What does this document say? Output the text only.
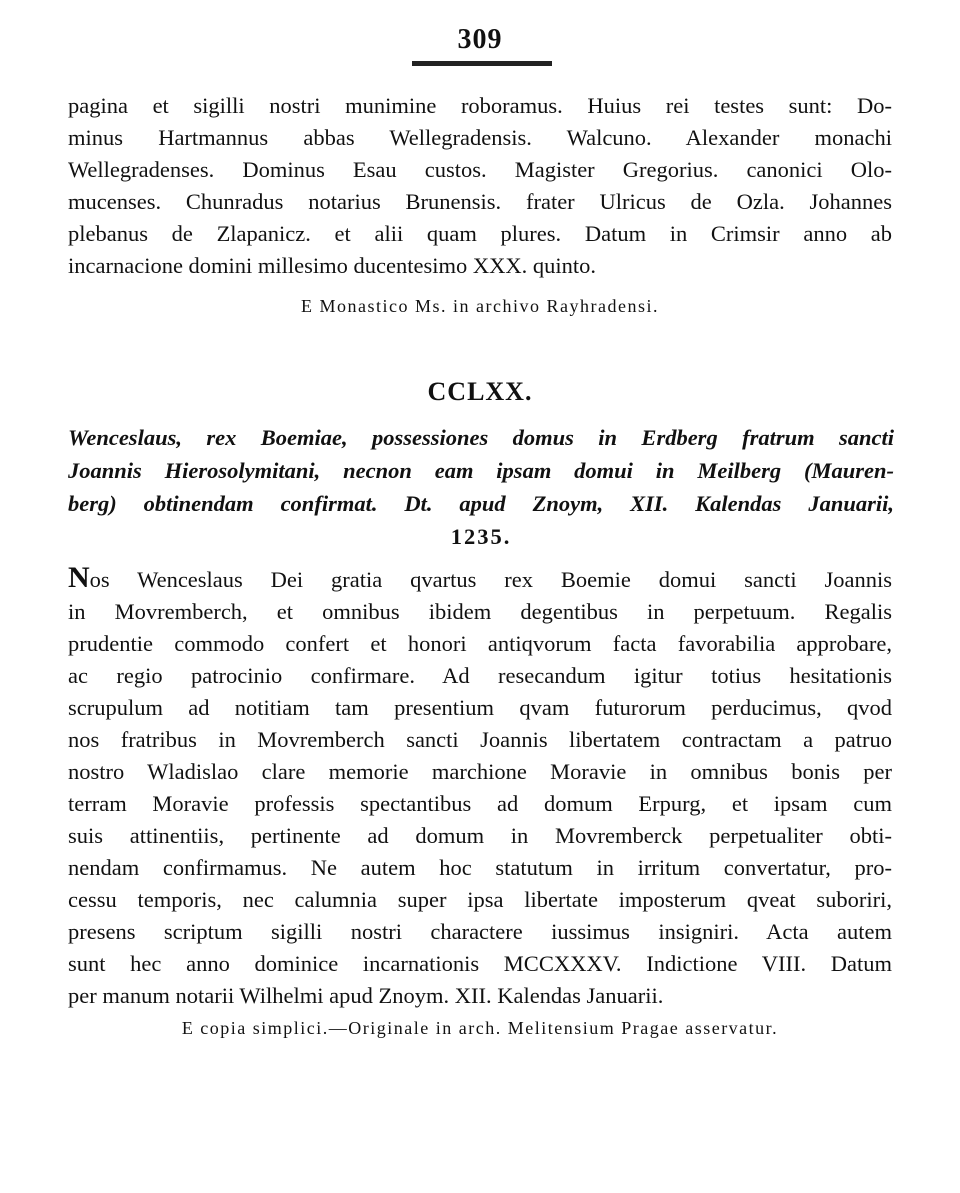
309
pagina et sigilli nostri munimine roboramus. Huius rei testes sunt: Do-
minus Hartmannus abbas Wellegradensis. Walcuno. Alexander monachi
Wellegradenses. Dominus Esau custos. Magister Gregorius. canonici Olo-
mucenses. Chunradus notarius Brunensis. frater Ulricus de Ozla. Johannes
plebanus de Zlapanicz. et alii quam plures. Datum in Crimsir anno ab
incarnacione domini millesimo ducentesimo XXX. quinto.
E Monastico Ms. in archivo Rayhradensi.
CCLXX.
Wenceslaus, rex Boemiae, possessiones domus in Erdberg fratrum sancti
Joannis Hierosolymitani, necnon eam ipsam domui in Meilberg (Mauren-
berg) obtinendam confirmat. Dt. apud Znoym, XII. Kalendas Januarii,
1235.
Nos Wenceslaus Dei gratia qvartus rex Boemie domui sancti Joannis
in Movremberch, et omnibus ibidem degentibus in perpetuum. Regalis
prudentie commodo confert et honori antiqvorum facta favorabilia approbare,
ac regio patrocinio confirmare. Ad resecandum igitur totius hesitationis
scrupulum ad notitiam tam presentium qvam futurorum perducimus, qvod
nos fratribus in Movremberch sancti Joannis libertatem contractam a patruo
nostro Wladislao clare memorie marchione Moravie in omnibus bonis per
terram Moravie professis spectantibus ad domum Erpurg, et ipsam cum
suis attinentiis, pertinente ad domum in Movremberck perpetualiter obti-
nendam confirmamus. Ne autem hoc statutum in irritum convertatur, pro-
cessu temporis, nec calumnia super ipsa libertate imposterum qveat suboriri,
presens scriptum sigilli nostri charactere iussimus insigniri. Acta autem
sunt hec anno dominice incarnationis MCCXXXV. Indictione VIII. Datum
per manum notarii Wilhelmi apud Znoym. XII. Kalendas Januarii.
E copia simplici.—Originale in arch. Melitensium Pragae asservatur.
